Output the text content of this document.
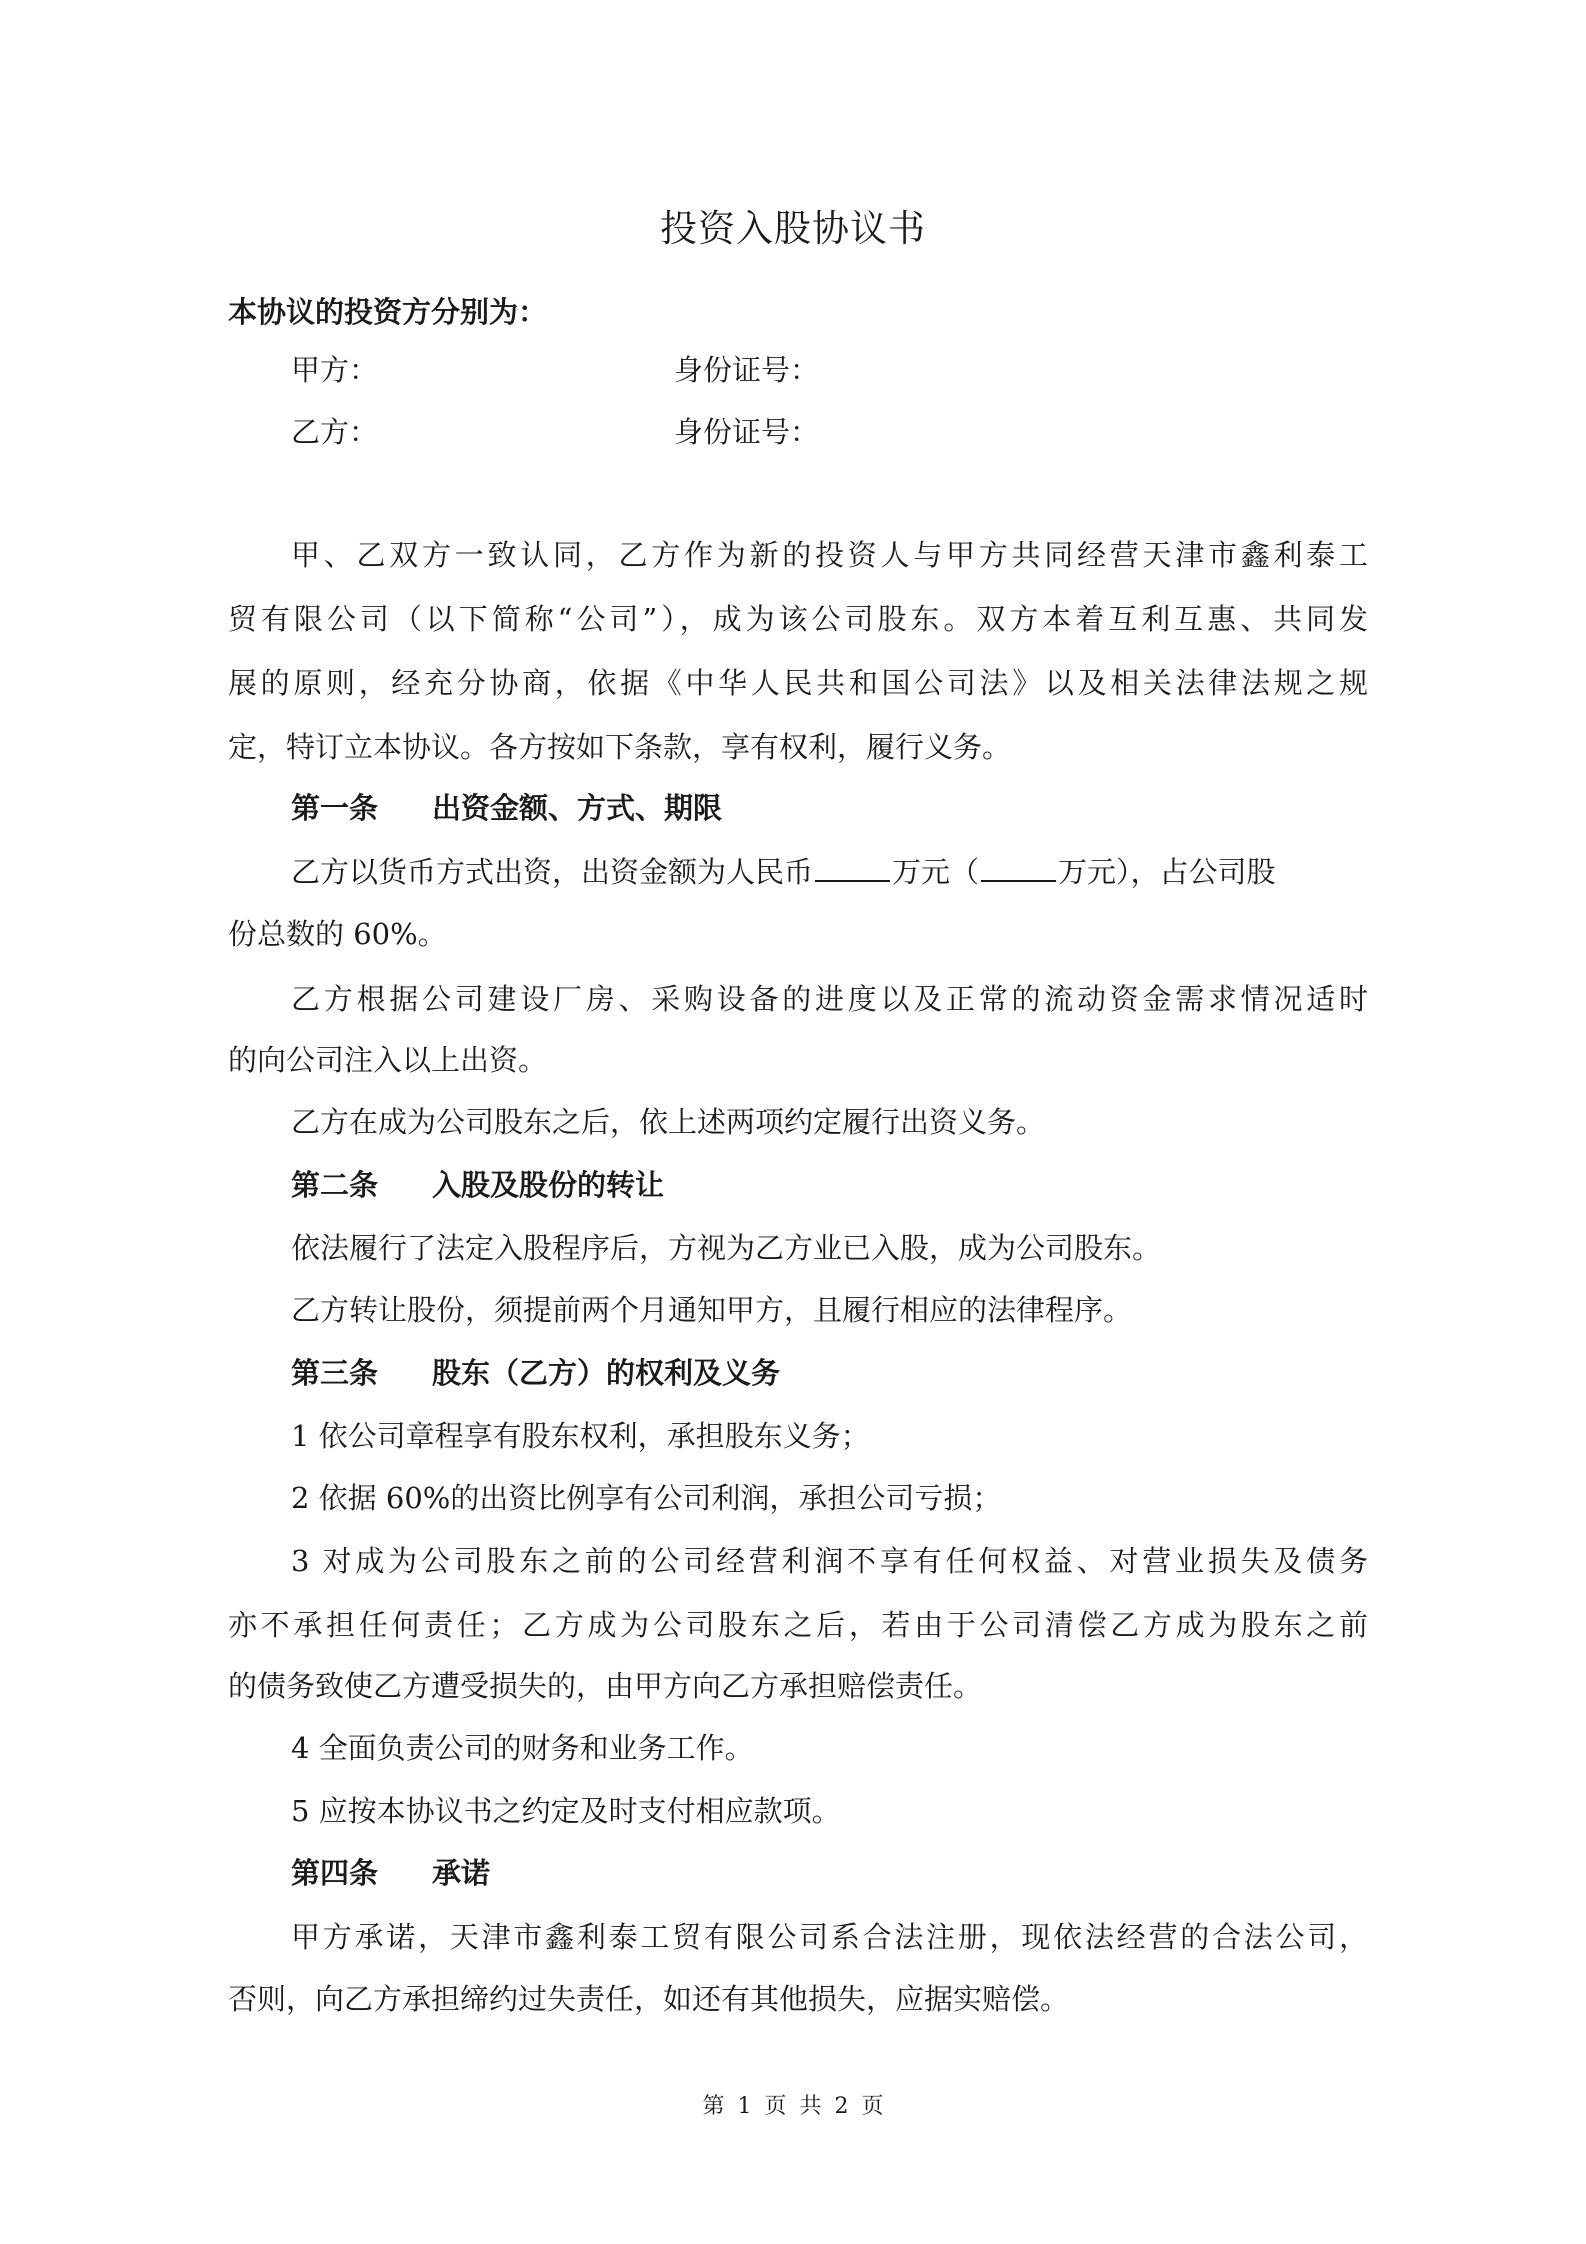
投资入股协议书
本协议的投资方分别为：
甲方：	身份证号：
乙方：	身份证号：
甲、乙双方一致认同，乙方作为新的投资人与甲方共同经营天津市鑫利泰工
贸有限公司（以下简称“公司”），成为该公司股东。双方本着互利互惠、共同发
展的原则，经充分协商，依据《中华人民共和国公司法》以及相关法律法规之规
定，特订立本协议。各方按如下条款，享有权利，履行义务。
第一条 出资金额、方式、期限
乙方以货币方式出资，出资金额为人民币	万元（	万元），占公司股
份总数的 60%。
乙方根据公司建设厂房、采购设备的进度以及正常的流动资金需求情况适时
的向公司注入以上出资。
乙方在成为公司股东之后，依上述两项约定履行出资义务。
第二条 入股及股份的转让
依法履行了法定入股程序后，方视为乙方业已入股，成为公司股东。
乙方转让股份，须提前两个月通知甲方，且履行相应的法律程序。
第三条 股东（乙方）的权利及义务
1 依公司章程享有股东权利，承担股东义务；
2 依据 60%的出资比例享有公司利润，承担公司亏损；
3 对成为公司股东之前的公司经营利润不享有任何权益、对营业损失及债务
亦不承担任何责任；乙方成为公司股东之后，若由于公司清偿乙方成为股东之前
的债务致使乙方遭受损失的，由甲方向乙方承担赔偿责任。
4 全面负责公司的财务和业务工作。
5 应按本协议书之约定及时支付相应款项。
第四条 承诺
甲方承诺，天津市鑫利泰工贸有限公司系合法注册，现依法经营的合法公司，
否则，向乙方承担缔约过失责任，如还有其他损失，应据实赔偿。
第 1 页 共 2 页
